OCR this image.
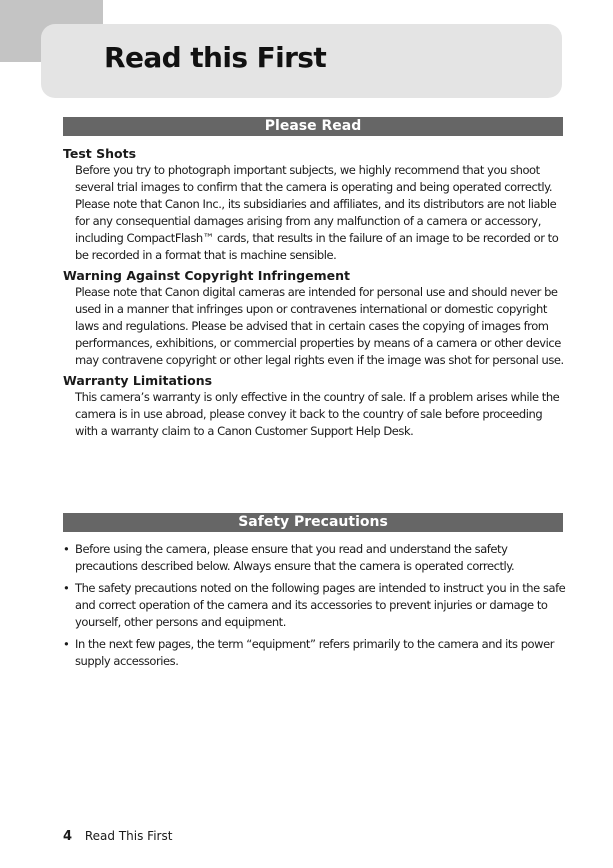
Read this First
Please Read
Test Shots

Before you try to photograph important subjects, we highly recommend that you shoot several trial images to confirm that the camera is operating and being operated correctly. Please note that Canon Inc., its subsidiaries and affiliates, and its distributors are not liable for any consequential damages arising from any malfunction of a camera or accessory, including CompactFlash™ cards, that results in the failure of an image to be recorded or to be recorded in a format that is machine sensible.

Warning Against Copyright Infringement

Please note that Canon digital cameras are intended for personal use and should never be used in a manner that infringes upon or contravenes international or domestic copyright laws and regulations. Please be advised that in certain cases the copying of images from performances, exhibitions, or commercial properties by means of a camera or other device may contravene copyright or other legal rights even if the image was shot for personal use.

Warranty Limitations

This camera’s warranty is only effective in the country of sale. If a problem arises while the camera is in use abroad, please convey it back to the country of sale before proceeding with a warranty claim to a Canon Customer Support Help Desk.

Safety Precautions
• Before using the camera, please ensure that you read and understand the safety precautions described below. Always ensure that the camera is operated correctly.
• The safety precautions noted on the following pages are intended to instruct you in the safe and correct operation of the camera and its accessories to prevent injuries or damage to yourself, other persons and equipment.
• In the next few pages, the term “equipment” refers primarily to the camera and its power supply accessories.
4 Read This First
